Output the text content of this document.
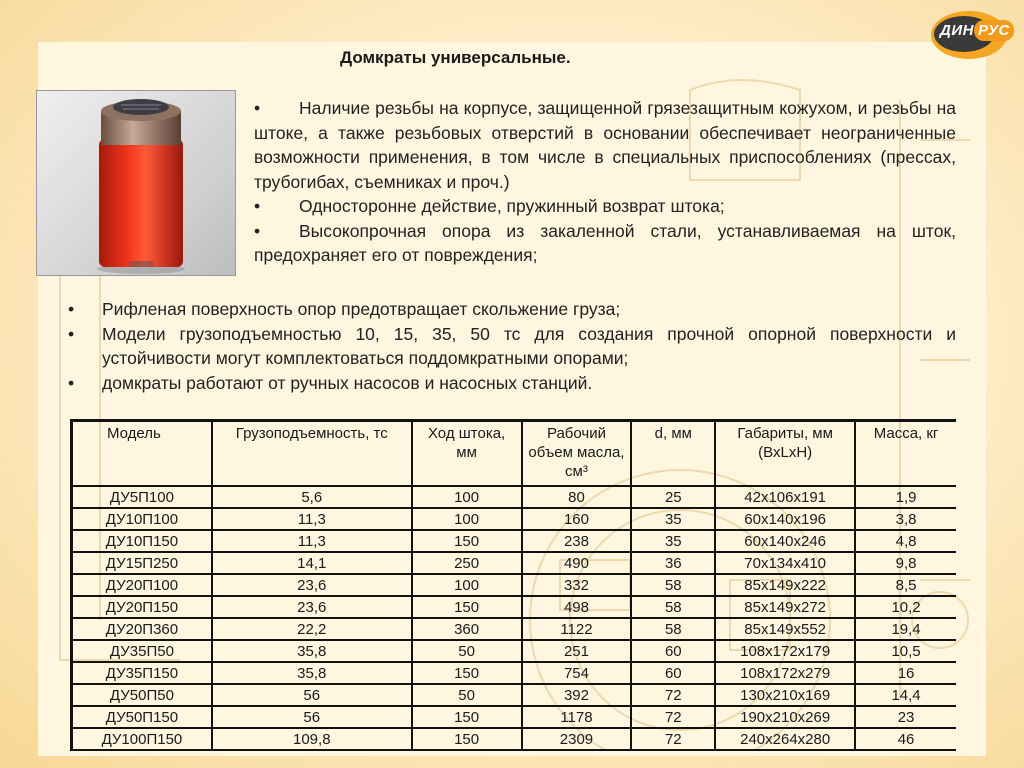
ДИН РУС
Домкраты универсальные.
•	Наличие резьбы на корпусе, защищенной грязезащитным кожухом, и резьбы на штоке, а также резьбовых отверстий в основании обеспечивает неограниченные возможности применения, в том числе в специальных приспособлениях (прессах, трубогибах, съемниках и проч.)
•	Односторонне действие, пружинный возврат штока;
•	Высокопрочная опора из закаленной стали, устанавливаемая на шток, предохраняет его от повреждения;
•	Рифленая поверхность опор предотвращает скольжение груза;
•	Модели грузоподъемностью 10, 15, 35, 50 тс для создания прочной опорной поверхности и устойчивости могут комплектоваться поддомкратными опорами;
•	домкраты работают от ручных насосов и насосных станций.
Модель	Грузоподъемность, тс	Ход штока, мм	Рабочий объем масла, см³	d, мм	Габариты, мм (ВхLхН)	Масса, кг
ДУ5П100	5,6	100	80	25	42x106x191	1,9
ДУ10П100	11,3	100	160	35	60x140x196	3,8
ДУ10П150	11,3	150	238	35	60x140x246	4,8
ДУ15П250	14,1	250	490	36	70x134x410	9,8
ДУ20П100	23,6	100	332	58	85x149x222	8,5
ДУ20П150	23,6	150	498	58	85x149x272	10,2
ДУ20П360	22,2	360	1122	58	85x149x552	19,4
ДУ35П50	35,8	50	251	60	108x172x179	10,5
ДУ35П150	35,8	150	754	60	108x172x279	16
ДУ50П50	56	50	392	72	130x210x169	14,4
ДУ50П150	56	150	1178	72	190x210x269	23
ДУ100П150	109,8	150	2309	72	240x264x280	46
